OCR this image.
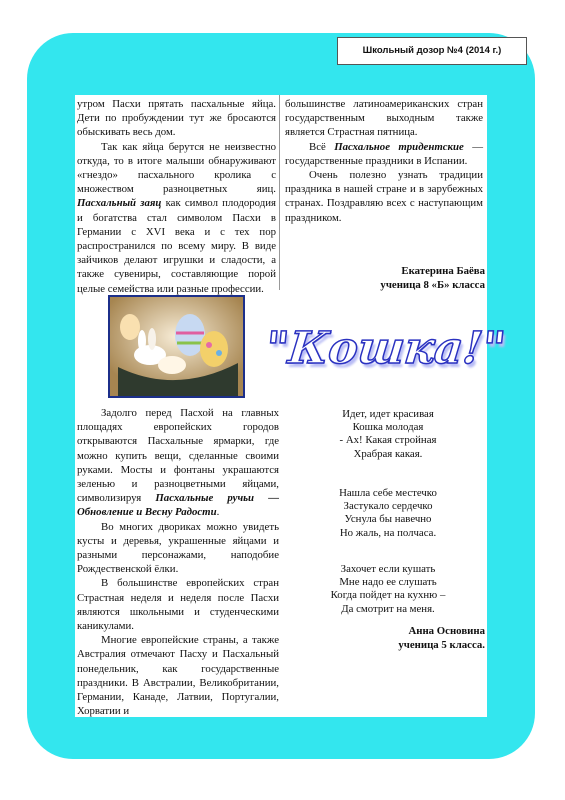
Школьный дозор №4 (2014 г.)

утром Пасхи прятать пасхальные яйца. Дети по пробуждении тут же бросаются обыскивать весь дом.

Так как яйца берутся не неизвестно откуда, то в итоге малыши обнаруживают «гнездо» пасхального кролика с множеством разноцветных яиц. Пасхальный заяц как символ плодородия и богатства стал символом Пасхи в Германии с XVI века и с тех пор распространился по всему миру. В виде зайчиков делают игрушки и сладости, а также сувениры, составляющие порой целые семейства или разные профессии.

большинстве латиноамериканских стран государственным выходным также является Страстная пятница.

Всё Пасхальное тридентские — государственные праздники в Испании.

Очень полезно узнать традиции праздника в нашей стране и в зарубежных странах. Поздравляю всех с наступающим праздником.

Екатерина Баёва
ученица 8 «Б» класса
"Кошка!"

Задолго перед Пасхой на главных площадях европейских городов открываются Пасхальные ярмарки, где можно купить вещи, сделанные своими руками. Мосты и фонтаны украшаются зеленью и разноцветными яйцами, символизируя Пасхальные ручьи — Обновление и Весну Радости.

Во многих двориках можно увидеть кусты и деревья, украшенные яйцами и разными персонажами, наподобие Рождественской ёлки.

В большинстве европейских стран Страстная неделя и неделя после Пасхи являются школьными и студенческими каникулами.

Многие европейские страны, а также Австралия отмечают Пасху и Пасхальный понедельник, как государственные праздники. В Австралии, Великобритании, Германии, Канаде, Латвии, Португалии, Хорватии и

Идет, идет красивая
Кошка молодая
- Ах! Какая стройная
Храбрая какая.
Нашла себе местечко
Застукало сердечко
Уснула бы навечно
Но жаль, на полчаса.
Захочет если кушать
Мне надо ее слушать
Когда пойдет на кухню –
Да смотрит на меня.
Анна Основина
ученица 5 класса.
